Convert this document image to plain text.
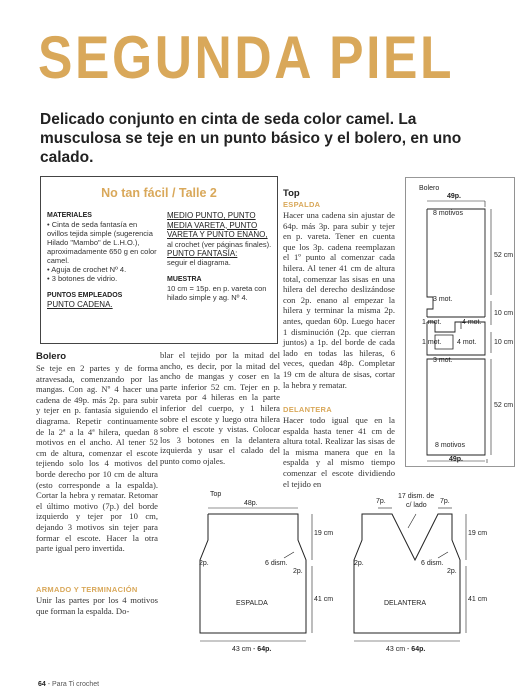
SEGUNDA PIEL
Delicado conjunto en cinta de seda color camel. La musculosa se teje en un punto básico y el bolero, en uno calado.
No tan fácil / Talle 2
MATERIALES
• Cinta de seda fantasía en ovillos tejida simple (sugerencia Hilado "Mambo" de L.H.O.), aproximadamente 650 g en color camel.
• Aguja de crochet Nº 4.
• 3 botones de vidrio.
PUNTOS EMPLEADOS
PUNTO CADENA.
MEDIO PUNTO, PUNTO MEDIA VARETA, PUNTO VARETA Y PUNTO ENANO, al crochet (ver páginas finales).
PUNTO FANTASÍA:
seguir el diagrama.
MUESTRA
10 cm = 15p. en p. vareta con hilado simple y ag. Nº 4.
Bolero
Se teje en 2 partes y de forma atravesada, comenzando por las mangas. Con ag. Nº 4 hacer una cadena de 49p. más 2p. para subir y tejer en p. fantasía siguiendo el diagrama. Repetir continuamente de la 2ª a la 4ª hilera, quedan 8 motivos en el ancho. Al tener 52 cm de altura, comenzar el escote tejiendo solo los 4 motivos del borde derecho por 10 cm de altura (esto corresponde a la espalda). Cortar la hebra y rematar. Retomar el último motivo (7p.) del borde izquierdo y tejer por 10 cm, dejando 3 motivos sin tejer para formar el escote. Hacer la otra parte igual pero invertida.
ARMADO Y TERMINACIÓN
Unir las partes por los 4 motivos que forman la espalda. Do-
blar el tejido por la mitad del ancho, es decir, por la mitad del ancho de mangas y coser en la parte inferior 52 cm. Tejer en p. vareta por 4 hileras en la parte inferior del cuerpo, y 1 hilera sobre el escote y luego otra hilera sobre el escote y vistas. Colocar los 3 botones en la delantera izquierda y usar el calado del punto como ojales.
Top
ESPALDA
Hacer una cadena sin ajustar de 64p. más 3p. para subir y tejer en p. vareta. Tener en cuenta que los 3p. cadena reemplazan el 1º punto al comenzar cada hilera. Al tener 41 cm de altura total, comenzar las sisas en una hilera del derecho deslizándose con 2p. enano al empezar la hilera y terminar la misma 2p. antes, quedan 60p. Luego hacer 1 disminución (2p. que cierran juntos) a 1p. del borde de cada lado en todas las hileras, 6 veces, quedan 48p. Completar 19 cm de altura de sisas, cortar la hebra y rematar.
DELANTERA
Hacer todo igual que en la espalda hasta tener 41 cm de altura total. Realizar las sisas de la misma manera que en la espalda y al mismo tiempo comenzar el escote dividiendo el tejido en
Bolero
49p.
8 motivos
52 cm
3 mot.
1 mot.	4 mot.
10 cm
10 cm
4 mot.
1 mot.
3 mot.
52 cm
8 motivos
49p.
Top
48p.
19 cm
2p.	6 dism.
2p.
ESPALDA
41 cm
43 cm - 64p.
7p.
17 dism. de
c/ lado
7p.
19 cm
2p.	6 dism.
2p.
DELANTERA
41 cm
43 cm - 64p.
64 - Para Ti crochet
